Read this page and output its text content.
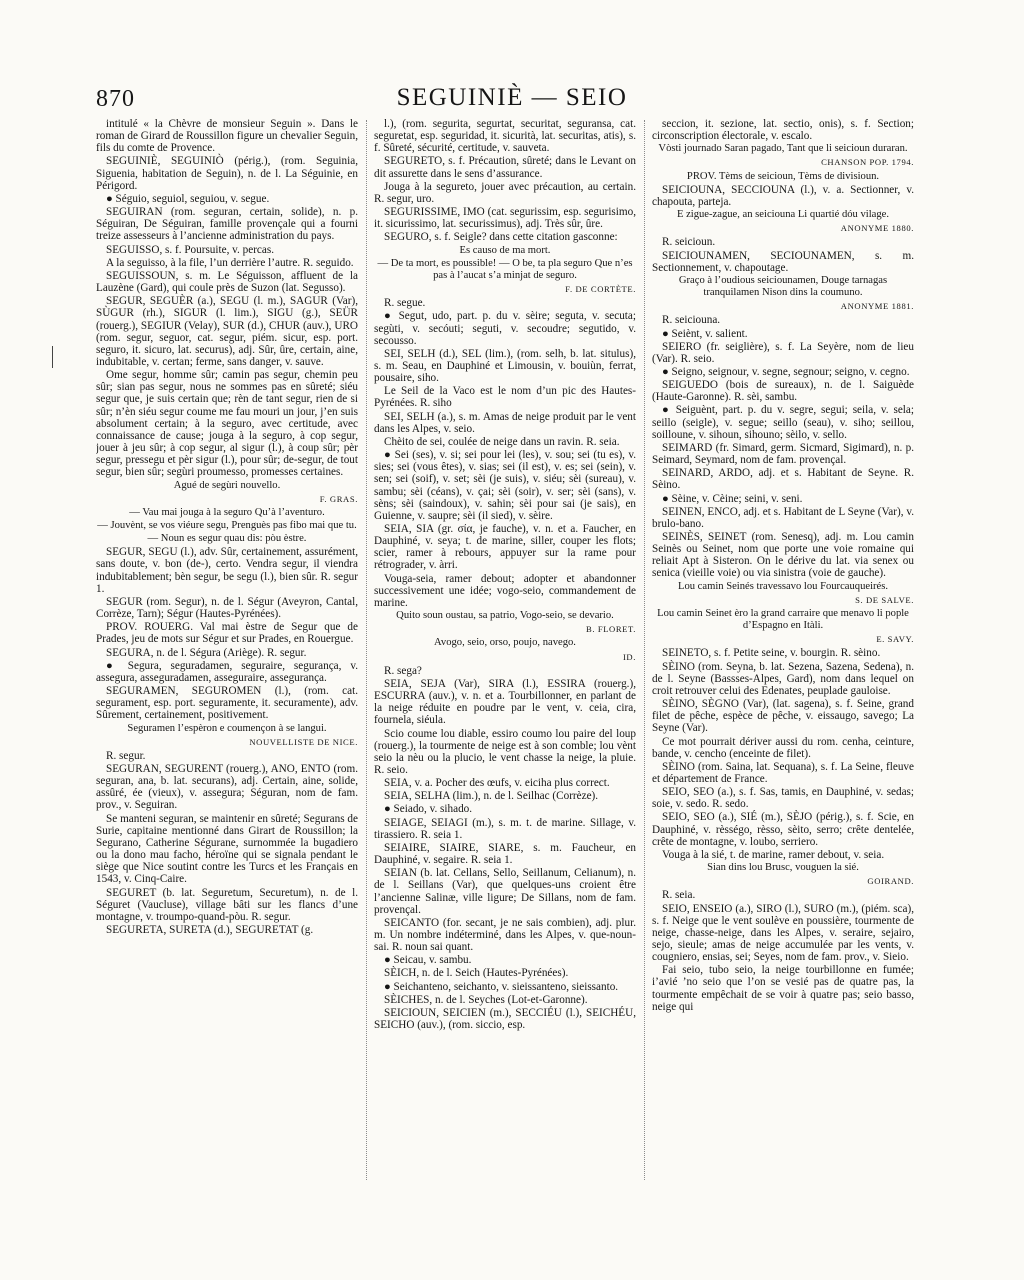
870	SEGUINIÈ — SEIO

intitulé « la Chèvre de monsieur Seguin ». Dans le roman de Girard de Roussillon figure un chevalier Seguin, fils du comte de Provence.

SEGUINIÈ, SEGUINIÒ (périg.), (rom. Seguinia, Siguenia, habitation de Seguin), n. de l. La Séguinie, en Périgord.

● Séguio, seguiol, seguiou, v. segue.

SEGUIRAN (rom. seguran, certain, solide), n. p. Séguiran, De Séguiran, famille provençale qui a fourni treize assesseurs à l’ancienne administration du pays.

SEGUISSO, s. f. Poursuite, v. percas.

A la seguisso, à la file, l’un derrière l’autre. R. seguido.

SEGUISSOUN, s. m. Le Séguisson, affluent de la Lauzène (Gard), qui coule près de Suzon (lat. Segusso).

SEGUR, SEGUÈR (a.), SEGU (l. m.), SAGUR (Var), SÙGUR (rh.), SIGUR (l. lim.), SIGU (g.), SEÜR (rouerg.), SEGIUR (Velay), SUR (d.), CHUR (auv.), URO (rom. segur, seguor, cat. segur, piém. sicur, esp. port. seguro, it. sicuro, lat. securus), adj. Sûr, ûre, certain, aine, indubitable, v. certan; ferme, sans danger, v. sauve.

Ome segur, homme sûr; camin pas segur, chemin peu sûr; sian pas segur, nous ne sommes pas en sûreté; siéu segur que, je suis certain que; rèn de tant segur, rien de si sûr; n’èn siéu segur coume me fau mouri un jour, j’en suis absolument certain; à la seguro, avec certitude, avec connaissance de cause; jouga à la seguro, à cop segur, jouer à jeu sûr; à cop segur, al sigur (l.), à coup sûr; pèr segur, pressegu et pèr sigur (l.), pour sûr; de-segur, de tout segur, bien sûr; segùri proumesso, promesses certaines.

Agué de segùri nouvello.

F. GRAS.

— Vau mai jouga à la seguro Qu’à l’aventuro.

— Jouvènt, se vos viéure segu, Prenguès pas fibo mai que tu.

— Noun es segur quau dis: pòu èstre.

SEGUR, SEGU (l.), adv. Sûr, certainement, assurément, sans doute, v. bon (de-), certo. Vendra segur, il viendra indubitablement; bèn segur, be segu (l.), bien sûr. R. segur 1.

SEGUR (rom. Segur), n. de l. Ségur (Aveyron, Cantal, Corrèze, Tarn); Ségur (Hautes-Pyrénées).

PROV. ROUERG. Val mai èstre de Segur que de Prades, jeu de mots sur Ségur et sur Prades, en Rouergue.

SEGURA, n. de l. Ségura (Ariège). R. segur.

● Segura, seguradamen, seguraire, segurança, v. assegura, asseguradamen, asseguraire, assegurança.

SEGURAMEN, SEGUROMEN (l.), (rom. cat. segurament, esp. port. seguramente, it. securamente), adv. Sûrement, certainement, positivement.

Seguramen l’espèron e coumençon à se langui.

NOUVELLISTE DE NICE.

R. segur.

SEGURAN, SEGURENT (rouerg.), ANO, ENTO (rom. seguran, ana, b. lat. securans), adj. Certain, aine, solide, assûré, ée (vieux), v. assegura; Séguran, nom de fam. prov., v. Seguiran.

Se manteni seguran, se maintenir en sûreté; Segurans de Surie, capitaine mentionné dans Girart de Roussillon; la Segurano, Catherine Ségurane, surnommée la bugadiero ou la dono mau facho, héroïne qui se signala pendant le siège que Nice soutint contre les Turcs et les Français en 1543, v. Cinq-Caire.

SEGURET (b. lat. Seguretum, Securetum), n. de l. Séguret (Vaucluse), village bâti sur les flancs d’une montagne, v. troumpo-quand-pòu. R. segur.

SEGURETA, SURETA (d.), SEGURETAT (g.

l.), (rom. segurita, segurtat, securitat, seguransa, cat. seguretat, esp. seguridad, it. sicurità, lat. securitas, atis), s. f. Sûreté, sécurité, certitude, v. sauveta.

SEGURETO, s. f. Précaution, sûreté; dans le Levant on dit assurette dans le sens d’assurance.

Jouga à la segureto, jouer avec précaution, au certain. R. segur, uro.

SEGURISSIME, IMO (cat. segurissim, esp. segurisimo, it. sicurissimo, lat. securissimus), adj. Très sûr, ûre.

SEGURO, s. f. Seigle? dans cette citation gasconne:

Es causo de ma mort.

— De ta mort, es poussible! — O be, ta pla seguro Que n’es pas à l’aucat s’a minjat de seguro.

F. DE CORTÈTE.

R. segue.

● Segut, udo, part. p. du v. sèire; seguta, v. secuta; segùti, v. secóuti; seguti, v. secoudre; segutido, v. secousso.

SEI, SELH (d.), SEL (lim.), (rom. selh, b. lat. situlus), s. m. Seau, en Dauphiné et Limousin, v. bouiùn, ferrat, pousaire, siho.

Le Seil de la Vaco est le nom d’un pic des Hautes-Pyrénées. R. siho

SEI, SELH (a.), s. m. Amas de neige produit par le vent dans les Alpes, v. seio.

Chèito de sei, coulée de neige dans un ravin. R. seia.

● Sei (ses), v. si; sei pour lei (les), v. sou; sei (tu es), v. sies; sei (vous êtes), v. sias; sei (il est), v. es; sei (sein), v. sen; sei (soif), v. set; sèi (je suis), v. siéu; sèi (sureau), v. sambu; sèi (céans), v. çai; sèi (soir), v. ser; sèi (sans), v. sèns; sèi (saindoux), v. sahin; sèi pour sai (je sais), en Guienne, v. saupre; sèi (il sied), v. sèire.

SEIA, SIA (gr. σία, je fauche), v. n. et a. Faucher, en Dauphiné, v. seya; t. de marine, siller, couper les flots; scier, ramer à rebours, appuyer sur la rame pour rétrograder, v. àrri.

Vouga-seia, ramer debout; adopter et abandonner successivement une idée; vogo-seio, commandement de marine.

Quito soun oustau, sa patrio, Vogo-seio, se devario.

B. FLORET.

Avogo, seio, orso, poujo, navego.

ID.

R. sega?

SEIA, SEJA (Var), SIRA (l.), ESSIRA (rouerg.), ESCURRA (auv.), v. n. et a. Tourbillonner, en parlant de la neige réduite en poudre par le vent, v. ceia, cira, fournela, siéula.

Scio coume lou diable, essiro coumo lou paire del loup (rouerg.), la tourmente de neige est à son comble; lou vènt seio la nèu ou la plucio, le vent chasse la neige, la pluie. R. seio.

SEIA, v. a. Pocher des œufs, v. eiciha plus correct.

SEIA, SELHA (lim.), n. de l. Seilhac (Corrèze).

● Seiado, v. sihado.

SEIAGE, SEIAGI (m.), s. m. t. de marine. Sillage, v. tirassiero. R. seia 1.

SEIAIRE, SIAIRE, SIARE, s. m. Faucheur, en Dauphiné, v. segaire. R. seia 1.

SEIAN (b. lat. Cellans, Sello, Seillanum, Celianum), n. de l. Seillans (Var), que quelques-uns croient être l’ancienne Salinæ, ville ligure; De Sillans, nom de fam. provençal.

SEICANTO (for. secant, je ne sais combien), adj. plur. m. Un nombre indéterminé, dans les Alpes, v. que-noun-sai. R. noun sai quant.

● Seicau, v. sambu.

SÈICH, n. de l. Seich (Hautes-Pyrénées).

● Seichanteno, seichanto, v. sieissanteno, sieissanto.

SÈICHES, n. de l. Seyches (Lot-et-Garonne).

SEICIOUN, SEICIEN (m.), SECCIÉU (l.), SEICHÉU, SEICHO (auv.), (rom. siccio, esp.

seccion, it. sezione, lat. sectio, onis), s. f. Section; circonscription électorale, v. escalo.

Vòsti journado Saran pagado, Tant que li seicioun duraran.

CHANSON POP. 1794.

PROV. Tèms de seicioun, Tèms de divisioun.

SEICIOUNA, SECCIOUNA (l.), v. a. Sectionner, v. chapouta, parteja.

E zigue-zague, an seiciouna Li quartié dóu vilage.

ANONYME 1880.

R. seicioun.

SEICIOUNAMEN, SECIOUNAMEN, s. m. Sectionnement, v. chapoutage.

Graço à l’oudious seiciounamen, Douge tarnagas tranquilamen Nison dins la coumuno.

ANONYME 1881.

R. seiciouna.

● Seiènt, v. salient.

SEIERO (fr. seiglière), s. f. La Seyère, nom de lieu (Var). R. seio.

● Seigno, seignour, v. segne, segnour; seigno, v. cegno.

SEIGUEDO (bois de sureaux), n. de l. Saiguède (Haute-Garonne). R. sèi, sambu.

● Seiguènt, part. p. du v. segre, segui; seila, v. sela; seillo (seigle), v. segue; seillo (seau), v. siho; seillou, soilloune, v. sihoun, sihouno; sèilo, v. sello.

SEIMARD (fr. Simard, germ. Sicmard, Sigimard), n. p. Seimard, Seymard, nom de fam. provençal.

SEINARD, ARDO, adj. et s. Habitant de Seyne. R. Sèino.

● Sèine, v. Cèine; seini, v. seni.

SEINEN, ENCO, adj. et s. Habitant de L Seyne (Var), v. brulo-bano.

SEINÈS, SEINET (rom. Senesq), adj. m. Lou camin Seinès ou Seinet, nom que porte une voie romaine qui reliait Apt à Sisteron. On le dérive du lat. via senex ou senica (vieille voie) ou via sinistra (voie de gauche).

Lou camin Seinés travessavo lou Fourcauqueirés.

S. DE SALVE.

Lou camin Seinet èro la grand carraire que menavo li pople d’Espagno en Itàli.

E. SAVY.

SEINETO, s. f. Petite seine, v. bourgin. R. sèino.

SÈINO (rom. Seyna, b. lat. Sezena, Sazena, Sedena), n. de l. Seyne (Bassses-Alpes, Gard), nom dans lequel on croit retrouver celui des Edenates, peuplade gauloise.

SÈINO, SÈGNO (Var), (lat. sagena), s. f. Seine, grand filet de pêche, espèce de pêche, v. eissaugo, savego; La Seyne (Var).

Ce mot pourrait dériver aussi du rom. cenha, ceinture, bande, v. cencho (enceinte de filet).

SÈINO (rom. Saina, lat. Sequana), s. f. La Seine, fleuve et département de France.

SEIO, SEO (a.), s. f. Sas, tamis, en Dauphiné, v. sedas; soie, v. sedo. R. sedo.

SEIO, SEO (a.), SIÉ (m.), SÈJO (périg.), s. f. Scie, en Dauphiné, v. rèsségo, rèsso, sèito, serro; crête dentelée, crête de montagne, v. loubo, serriero.

Vouga à la sié, t. de marine, ramer debout, v. seia.

Sian dins lou Brusc, vouguen la sié.

GOIRAND.

R. seia.

SEIO, ENSEIO (a.), SIRO (l.), SURO (m.), (piém. sca), s. f. Neige que le vent soulève en poussière, tourmente de neige, chasse-neige, dans les Alpes, v. seraire, sejairo, sejo, sieule; amas de neige accumulée par les vents, v. cougniero, ensias, sei; Seyes, nom de fam. prov., v. Sieio.

Fai seio, tubo seio, la neige tourbillonne en fumée; i’avié ’no seio que l’on se vesié pas de quatre pas, la tourmente empêchait de se voir à quatre pas; seio basso, neige qui
